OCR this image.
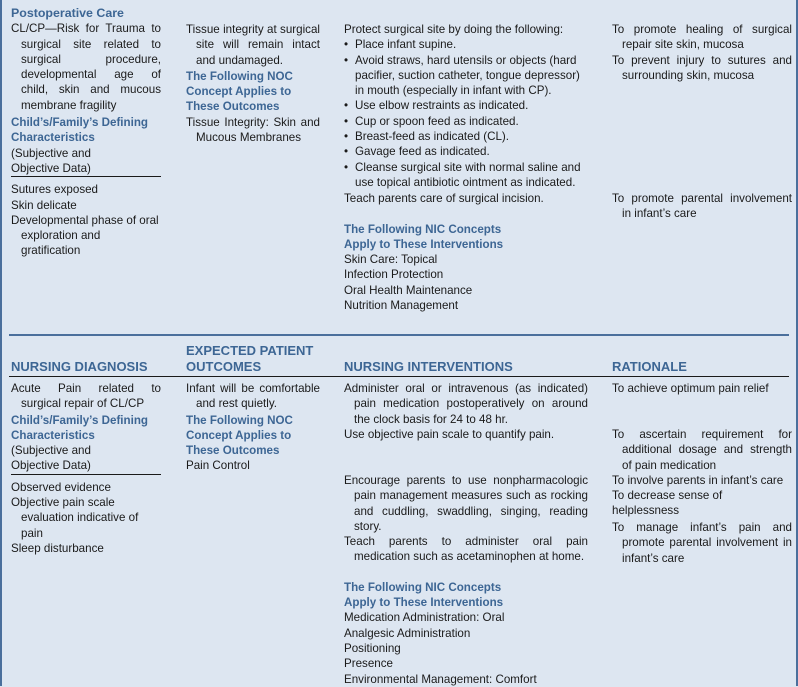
Postoperative Care
CL/CP—Risk for Trauma to surgical site related to surgical procedure, developmental age of child, skin and mucous membrane fragility
Child’s/Family’s Defining
Characteristics
(Subjective and
Objective Data)
Sutures exposed
Skin delicate
Developmental phase of oral exploration and gratification
Tissue integrity at surgical site will remain intact and undamaged.
The Following NOC Concept Applies to These Outcomes
Tissue Integrity: Skin and Mucous Membranes
Protect surgical site by doing the following:
• Place infant supine.
• Avoid straws, hard utensils or objects (hard pacifier, suction catheter, tongue depressor) in mouth (especially in infant with CP).
• Use elbow restraints as indicated.
• Cup or spoon feed as indicated.
• Breast-feed as indicated (CL).
• Gavage feed as indicated.
• Cleanse surgical site with normal saline and use topical antibiotic ointment as indicated.
Teach parents care of surgical incision.
The Following NIC Concepts Apply to These Interventions
Skin Care: Topical
Infection Protection
Oral Health Maintenance
Nutrition Management
To promote healing of surgical repair site skin, mucosa
To prevent injury to sutures and surrounding skin, mucosa
To promote parental involvement in infant’s care
NURSING DIAGNOSIS
EXPECTED PATIENT
OUTCOMES	NURSING INTERVENTIONS	RATIONALE
Acute Pain related to surgical repair of CL/CP
Child’s/Family’s Defining
Characteristics
(Subjective and
Objective Data)
Observed evidence
Objective pain scale evaluation indicative of pain
Sleep disturbance
Infant will be comfortable and rest quietly.
The Following NOC Concept Applies to These Outcomes
Pain Control
Administer oral or intravenous (as indicated) pain medication postoperatively on around the clock basis for 24 to 48 hr.
Use objective pain scale to quantify pain.
Encourage parents to use nonpharmacologic pain management measures such as rocking and cuddling, swaddling, singing, reading story.
Teach parents to administer oral pain medication such as acetaminophen at home.
The Following NIC Concepts Apply to These Interventions
Medication Administration: Oral
Analgesic Administration
Positioning
Presence
Environmental Management: Comfort
To achieve optimum pain relief
To ascertain requirement for additional dosage and strength of pain medication
To involve parents in infant’s care
To decrease sense of helplessness
To manage infant’s pain and promote parental involvement in infant’s care
